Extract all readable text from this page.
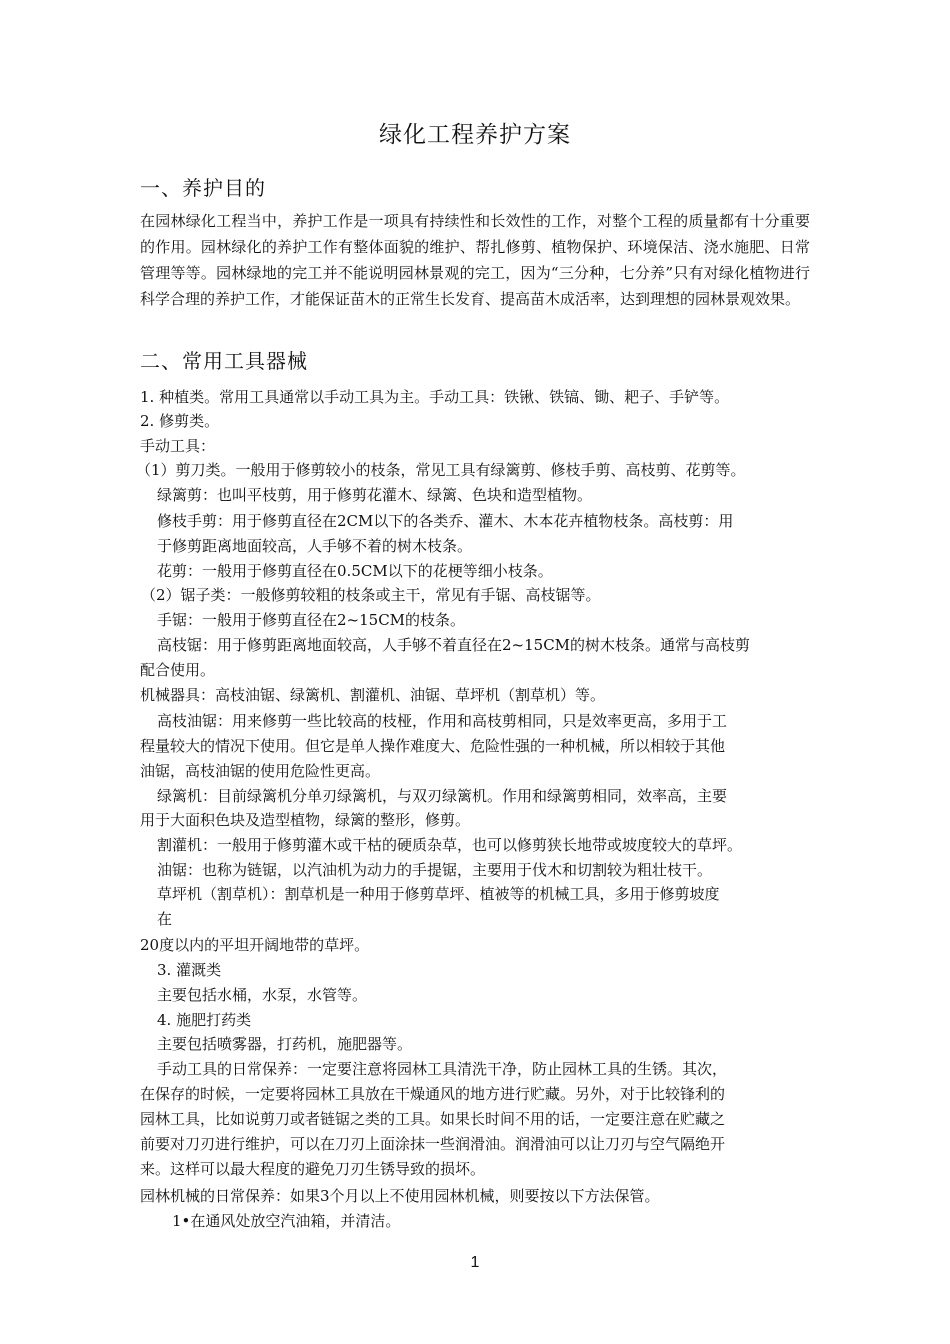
绿化工程养护方案
一、养护目的
在园林绿化工程当中，养护工作是一项具有持续性和长效性的工作，对整个工程的质量都有十分重要的作用。园林绿化的养护工作有整体面貌的维护、帮扎修剪、植物保护、环境保洁、浇水施肥、日常管理等等。园林绿地的完工并不能说明园林景观的完工，因为“三分种，七分养”只有对绿化植物进行科学合理的养护工作，才能保证苗木的正常生长发育、提高苗木成活率，达到理想的园林景观效果。
二、常用工具器械
1. 种植类。常用工具通常以手动工具为主。手动工具：铁锹、铁镐、锄、耙子、手铲等。
2. 修剪类。
手动工具：
（1）剪刀类。一般用于修剪较小的枝条，常见工具有绿篱剪、修枝手剪、高枝剪、花剪等。
绿篱剪：也叫平枝剪，用于修剪花灌木、绿篱、色块和造型植物。
修枝手剪：用于修剪直径在2CM以下的各类乔、灌木、木本花卉植物枝条。高枝剪：用
于修剪距离地面较高，人手够不着的树木枝条。
花剪：一般用于修剪直径在0.5CM以下的花梗等细小枝条。
（2）锯子类：一般修剪较粗的枝条或主干，常见有手锯、高枝锯等。
手锯：一般用于修剪直径在2~15CM的枝条。
高枝锯：用于修剪距离地面较高，人手够不着直径在2~15CM的树木枝条。通常与高枝剪
配合使用。
机械器具：高枝油锯、绿篱机、割灌机、油锯、草坪机（割草机）等。
高枝油锯：用来修剪一些比较高的枝桠，作用和高枝剪相同，只是效率更高，多用于工
程量较大的情况下使用。但它是单人操作难度大、危险性强的一种机械，所以相较于其他
油锯，高枝油锯的使用危险性更高。
绿篱机：目前绿篱机分单刃绿篱机，与双刃绿篱机。作用和绿篱剪相同，效率高，主要
用于大面积色块及造型植物，绿篱的整形，修剪。
割灌机：一般用于修剪灌木或干枯的硬质杂草，也可以修剪狭长地带或坡度较大的草坪。
油锯：也称为链锯，以汽油机为动力的手提锯，主要用于伐木和切割较为粗壮枝干。
草坪机（割草机）：割草机是一种用于修剪草坪、植被等的机械工具，多用于修剪坡度
在
20度以内的平坦开阔地带的草坪。
3. 灌溉类
主要包括水桶，水泵，水管等。
4. 施肥打药类
主要包括喷雾器，打药机，施肥器等。
手动工具的日常保养：一定要注意将园林工具清洗干净，防止园林工具的生锈。其次，
在保存的时候，一定要将园林工具放在干燥通风的地方进行贮藏。另外，对于比较锋利的
园林工具，比如说剪刀或者链锯之类的工具。如果长时间不用的话，一定要注意在贮藏之
前要对刀刃进行维护，可以在刀刃上面涂抹一些润滑油。润滑油可以让刀刃与空气隔绝开
来。这样可以最大程度的避免刀刃生锈导致的损坏。
园林机械的日常保养：如果3个月以上不使用园林机械，则要按以下方法保管。
1•在通风处放空汽油箱，并清洁。
1
